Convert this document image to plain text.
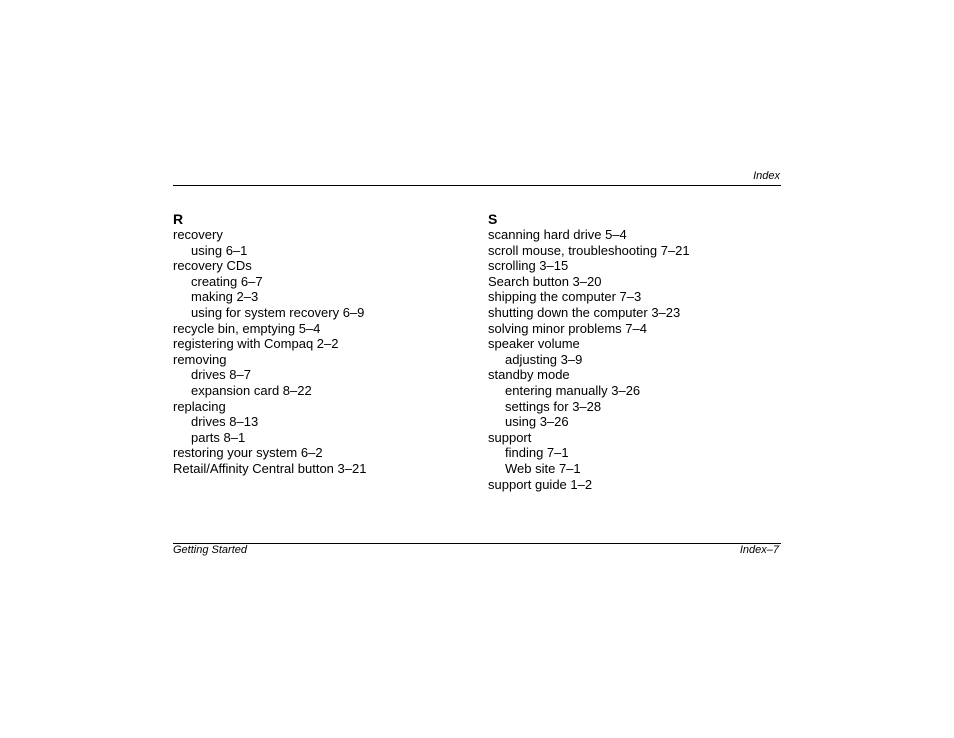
Index
R
recovery
using 6–1
recovery CDs
creating 6–7
making 2–3
using for system recovery 6–9
recycle bin, emptying 5–4
registering with Compaq 2–2
removing
drives 8–7
expansion card 8–22
replacing
drives 8–13
parts 8–1
restoring your system 6–2
Retail/Affinity Central button 3–21
S
scanning hard drive 5–4
scroll mouse, troubleshooting 7–21
scrolling 3–15
Search button 3–20
shipping the computer 7–3
shutting down the computer 3–23
solving minor problems 7–4
speaker volume
adjusting 3–9
standby mode
entering manually 3–26
settings for 3–28
using 3–26
support
finding 7–1
Web site 7–1
support guide 1–2
Getting Started	Index–7
